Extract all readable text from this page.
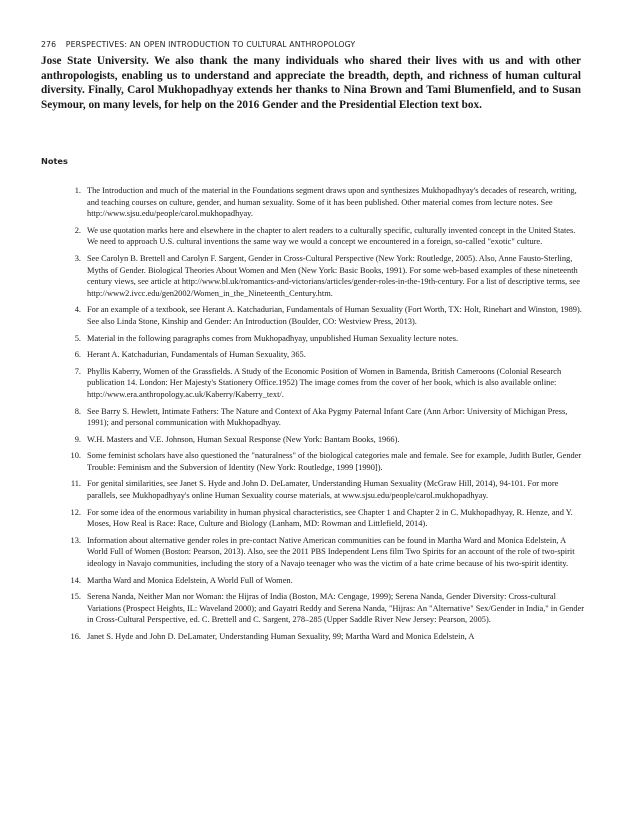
276 PERSPECTIVES: AN OPEN INTRODUCTION TO CULTURAL ANTHROPOLOGY

Jose State University. We also thank the many individuals who shared their lives with us and with other anthropologists, enabling us to understand and appreciate the breadth, depth, and richness of human cultural diversity. Finally, Carol Mukhopadhyay extends her thanks to Nina Brown and Tami Blumenfield, and to Susan Seymour, on many levels, for help on the 2016 Gender and the Presidential Election text box.

Notes
1. The Introduction and much of the material in the Foundations segment draws upon and synthesizes Mukhopadhyay's decades of research, writing, and teaching courses on culture, gender, and human sexuality. Some of it has been published. Other material comes from lecture notes. See http://www.sjsu.edu/people/carol.mukhopadhyay.
2. We use quotation marks here and elsewhere in the chapter to alert readers to a culturally specific, culturally invented concept in the United States. We need to approach U.S. cultural inventions the same way we would a concept we encountered in a foreign, so-called "exotic" culture.
3. See Carolyn B. Brettell and Carolyn F. Sargent, Gender in Cross-Cultural Perspective (New York: Routledge, 2005). Also, Anne Fausto-Sterling, Myths of Gender. Biological Theories About Women and Men (New York: Basic Books, 1991). For some web-based examples of these nineteenth century views, see article at http://www.bl.uk/romantics-and-victorians/articles/gender-roles-in-the-19th-century. For a list of descriptive terms, see http://www2.ivcc.edu/gen2002/Women_in_the_Nineteenth_Century.htm.
4. For an example of a textbook, see Herant A. Katchadurian, Fundamentals of Human Sexuality (Fort Worth, TX: Holt, Rinehart and Winston, 1989). See also Linda Stone, Kinship and Gender: An Introduction (Boulder, CO: Westview Press, 2013).
5. Material in the following paragraphs comes from Mukhopadhyay, unpublished Human Sexuality lecture notes.
6. Herant A. Katchadurian, Fundamentals of Human Sexuality, 365.
7. Phyllis Kaberry, Women of the Grassfields. A Study of the Economic Position of Women in Bamenda, British Cameroons (Colonial Research publication 14. London: Her Majesty's Stationery Office.1952) The image comes from the cover of her book, which is also available online: http://www.era.anthropology.ac.uk/Kaberry/Kaberry_text/.
8. See Barry S. Hewlett, Intimate Fathers: The Nature and Context of Aka Pygmy Paternal Infant Care (Ann Arbor: University of Michigan Press, 1991); and personal communication with Mukhopadhyay.
9. W.H. Masters and V.E. Johnson, Human Sexual Response (New York: Bantam Books, 1966).
10. Some feminist scholars have also questioned the "naturalness" of the biological categories male and female. See for example, Judith Butler, Gender Trouble: Feminism and the Subversion of Identity (New York: Routledge, 1999 [1990]).
11. For genital similarities, see Janet S. Hyde and John D. DeLamater, Understanding Human Sexuality (McGraw Hill, 2014), 94-101. For more parallels, see Mukhopadhyay's online Human Sexuality course materials, at www.sjsu.edu/people/carol.mukhopadhyay.
12. For some idea of the enormous variability in human physical characteristics, see Chapter 1 and Chapter 2 in C. Mukhopadhyay, R. Henze, and Y. Moses, How Real is Race: Race, Culture and Biology (Lanham, MD: Rowman and Littlefield, 2014).
13. Information about alternative gender roles in pre-contact Native American communities can be found in Martha Ward and Monica Edelstein, A World Full of Women (Boston: Pearson, 2013). Also, see the 2011 PBS Independent Lens film Two Spirits for an account of the role of two-spirit ideology in Navajo communities, including the story of a Navajo teenager who was the victim of a hate crime because of his two-spirit identity.
14. Martha Ward and Monica Edelstein, A World Full of Women.
15. Serena Nanda, Neither Man nor Woman: the Hijras of India (Boston, MA: Cengage, 1999); Serena Nanda, Gender Diversity: Cross-cultural Variations (Prospect Heights, IL: Waveland 2000); and Gayatri Reddy and Serena Nanda, "Hijras: An "Alternative" Sex/Gender in India," in Gender in Cross-Cultural Perspective, ed. C. Brettell and C. Sargent, 278–285 (Upper Saddle River New Jersey: Pearson, 2005).
16. Janet S. Hyde and John D. DeLamater, Understanding Human Sexuality, 99; Martha Ward and Monica Edelstein, A
